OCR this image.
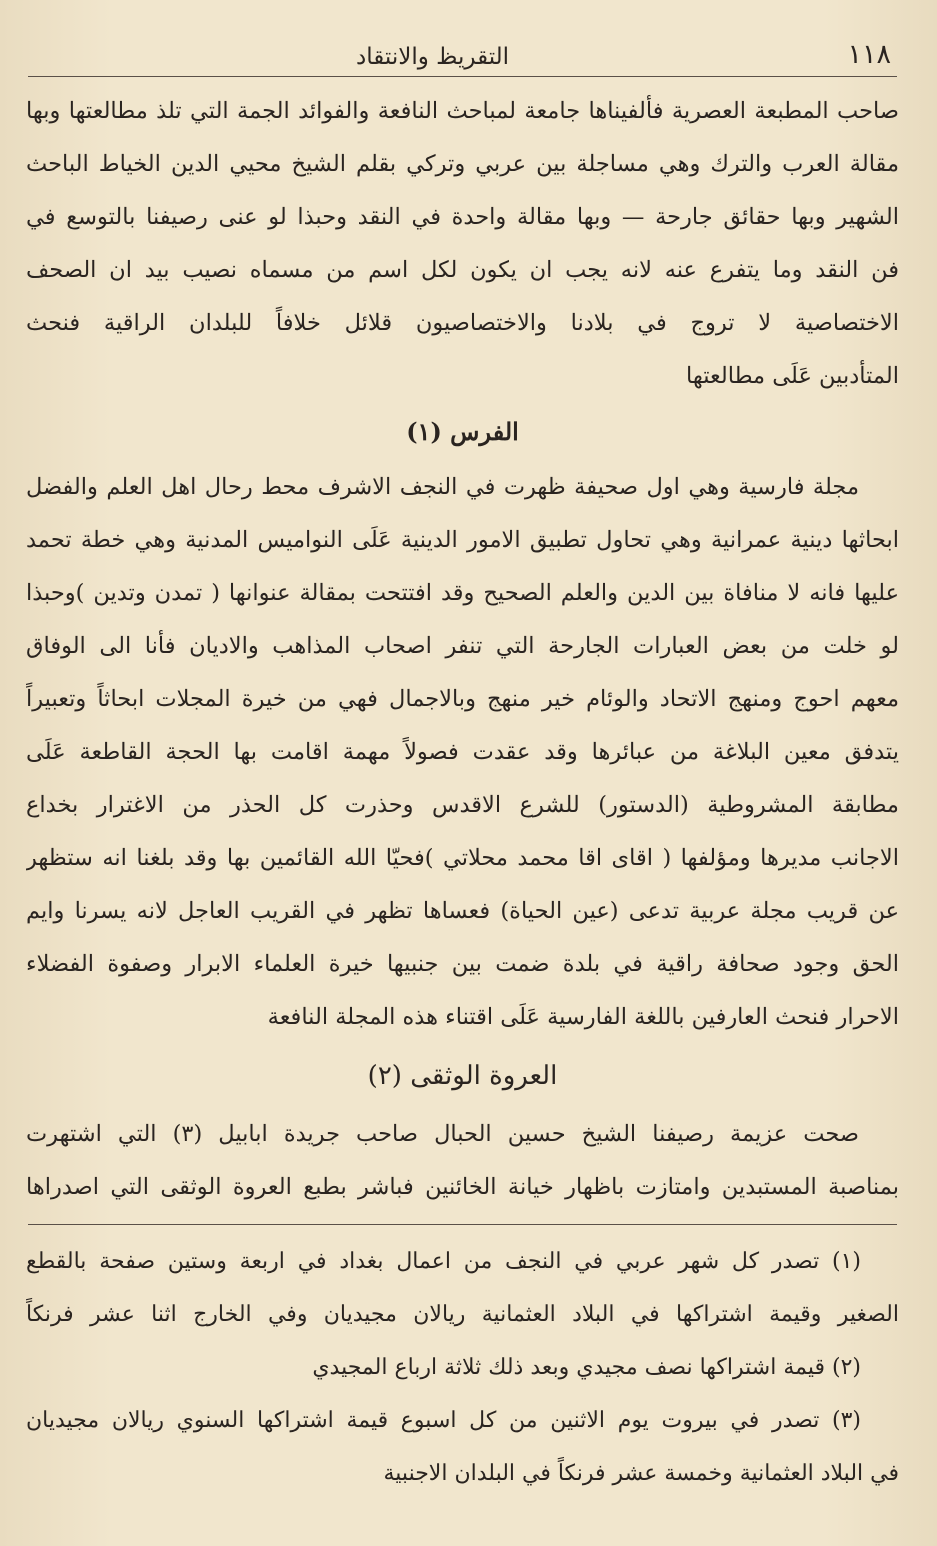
١١٨
التقريظ والانتقاد
صاحب المطبعة العصرية فألفيناها جامعة لمباحث النافعة والفوائد الجمة التي تلذ مطالعتها وبها
مقالة العرب والترك وهي مساجلة بين عربي وتركي بقلم الشيخ محيي الدين الخياط الباحث
الشهير وبها حقائق جارحة — وبها مقالة واحدة في النقد وحبذا لو عنى رصيفنا بالتوسع في
فن النقد وما يتفرع عنه لانه يجب ان يكون لكل اسم من مسماه نصيب بيد ان الصحف
الاختصاصية لا تروج في بلادنا والاختصاصيون قلائل خلافاً للبلدان الراقية فنحث
المتأدبين عَلَى مطالعتها
الفرس (١)
مجلة فارسية وهي اول صحيفة ظهرت في النجف الاشرف محط رحال اهل العلم والفضل
ابحاثها دينية عمرانية وهي تحاول تطبيق الامور الدينية عَلَى النواميس المدنية وهي خطة تحمد
عليها فانه لا منافاة بين الدين والعلم الصحيح وقد افتتحت بمقالة عنوانها ( تمدن وتدين )وحبذا
لو خلت من بعض العبارات الجارحة التي تنفر اصحاب المذاهب والاديان فأنا الى الوفاق
معهم احوج ومنهج الاتحاد والوئام خير منهج وبالاجمال فهي من خيرة المجلات ابحاثاً وتعبيراً
يتدفق معين البلاغة من عبائرها وقد عقدت فصولاً مهمة اقامت بها الحجة القاطعة عَلَى
مطابقة المشروطية (الدستور) للشرع الاقدس وحذرت كل الحذر من الاغترار بخداع
الاجانب مديرها ومؤلفها ( اقاى اقا محمد محلاتي )فحيّا الله القائمين بها وقد بلغنا انه ستظهر
عن قريب مجلة عربية تدعى (عين الحياة) فعساها تظهر في القريب العاجل لانه يسرنا وايم
الحق وجود صحافة راقية في بلدة ضمت بين جنبيها خيرة العلماء الابرار وصفوة الفضلاء
الاحرار فنحث العارفين باللغة الفارسية عَلَى اقتناء هذه المجلة النافعة
العروة الوثقى (٢)
صحت عزيمة رصيفنا الشيخ حسين الحبال صاحب جريدة ابابيل (٣) التي اشتهرت
بمناصبة المستبدين وامتازت باظهار خيانة الخائنين فباشر بطبع العروة الوثقى التي اصدراها
(١) تصدر كل شهر عربي في النجف من اعمال بغداد في اربعة وستين صفحة بالقطع
الصغير وقيمة اشتراكها في البلاد العثمانية ريالان مجيديان وفي الخارج اثنا عشر فرنكاً
(٢) قيمة اشتراكها نصف مجيدي وبعد ذلك ثلاثة ارباع المجيدي
(٣) تصدر في بيروت يوم الاثنين من كل اسبوع قيمة اشتراكها السنوي ريالان مجيديان
في البلاد العثمانية وخمسة عشر فرنكاً في البلدان الاجنبية
